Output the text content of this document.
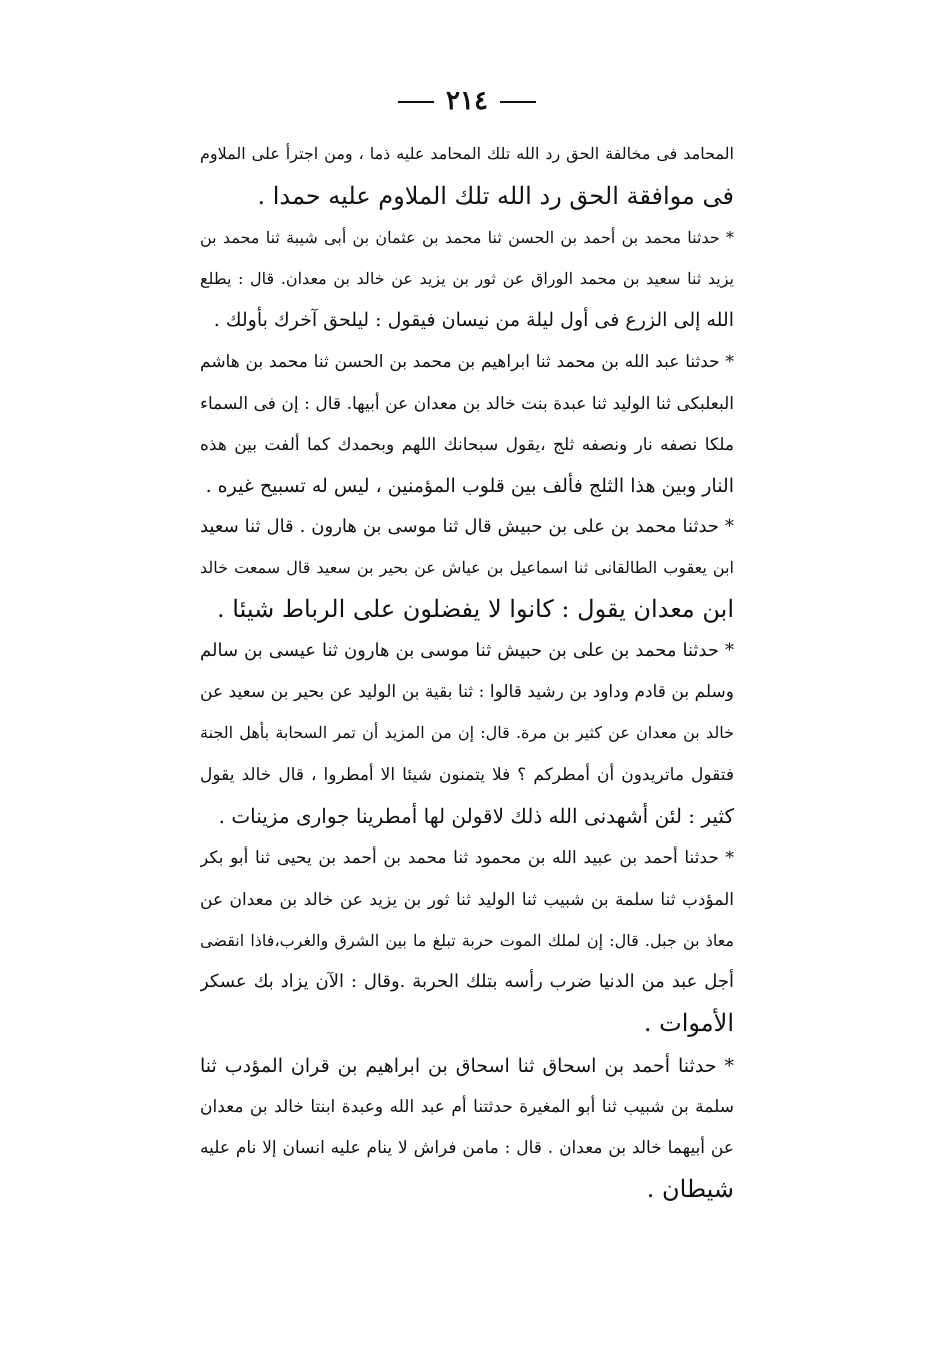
٢١٤
المحامد فى مخالفة الحق رد الله تلك المحامد عليه ذما ، ومن اجترأ على الملاوم
فى موافقة الحق رد الله تلك الملاوم عليه حمدا .
* حدثنا محمد بن أحمد بن الحسن ثنا محمد بن عثمان بن أبى شيبة ثنا محمد بن
يزيد ثنا سعيد بن محمد الوراق عن ثور بن يزيد عن خالد بن معدان. قال : يطلع
الله إلى الزرع فى أول ليلة من نيسان فيقول : ليلحق آخرك بأولك .
* حدثنا عبد الله بن محمد ثنا ابراهيم بن محمد بن الحسن ثنا محمد بن هاشم
البعلبكى ثنا الوليد ثنا عبدة بنت خالد بن معدان عن أبيها. قال : إن فى السماء
ملكا نصفه نار ونصفه ثلج ،يقول سبحانك اللهم وبحمدك كما ألفت بين هذه
النار وبين هذا الثلج فألف بين قلوب المؤمنين ، ليس له تسبيح غيره .
* حدثنا محمد بن على بن حبيش قال ثنا موسى بن هارون . قال ثنا سعيد
ابن يعقوب الطالقانى ثنا اسماعيل بن عياش عن بحير بن سعيد قال سمعت خالد
ابن معدان يقول : كانوا لا يفضلون على الرباط شيئا .
* حدثنا محمد بن على بن حبيش ثنا موسى بن هارون ثنا عيسى بن سالم
وسلم بن قادم وداود بن رشيد قالوا : ثنا بقية بن الوليد عن بحير بن سعيد عن
خالد بن معدان عن كثير بن مرة. قال: إن من المزيد أن تمر السحابة بأهل الجنة
فتقول ماتريدون أن أمطركم ؟ فلا يتمنون شيئا الا أمطروا ، قال خالد يقول
كثير : لئن أشهدنى الله ذلك لاقولن لها أمطرينا جوارى مزينات .
* حدثنا أحمد بن عبيد الله بن محمود ثنا محمد بن أحمد بن يحيى ثنا أبو بكر
المؤدب ثنا سلمة بن شبيب ثنا الوليد ثنا ثور بن يزيد عن خالد بن معدان عن
معاذ بن جبل. قال: إن لملك الموت حربة تبلغ ما بين الشرق والغرب،فاذا انقضى
أجل عبد من الدنيا ضرب رأسه بتلك الحربة .وقال : الآن يزاد بك عسكر
الأموات .
* حدثنا أحمد بن اسحاق ثنا اسحاق بن ابراهيم بن قران المؤدب ثنا
سلمة بن شبيب ثنا أبو المغيرة حدثتنا أم عبد الله وعبدة ابنتا خالد بن معدان
عن أبيهما خالد بن معدان . قال : مامن فراش لا ينام عليه انسان إلا نام عليه
شيطان .
